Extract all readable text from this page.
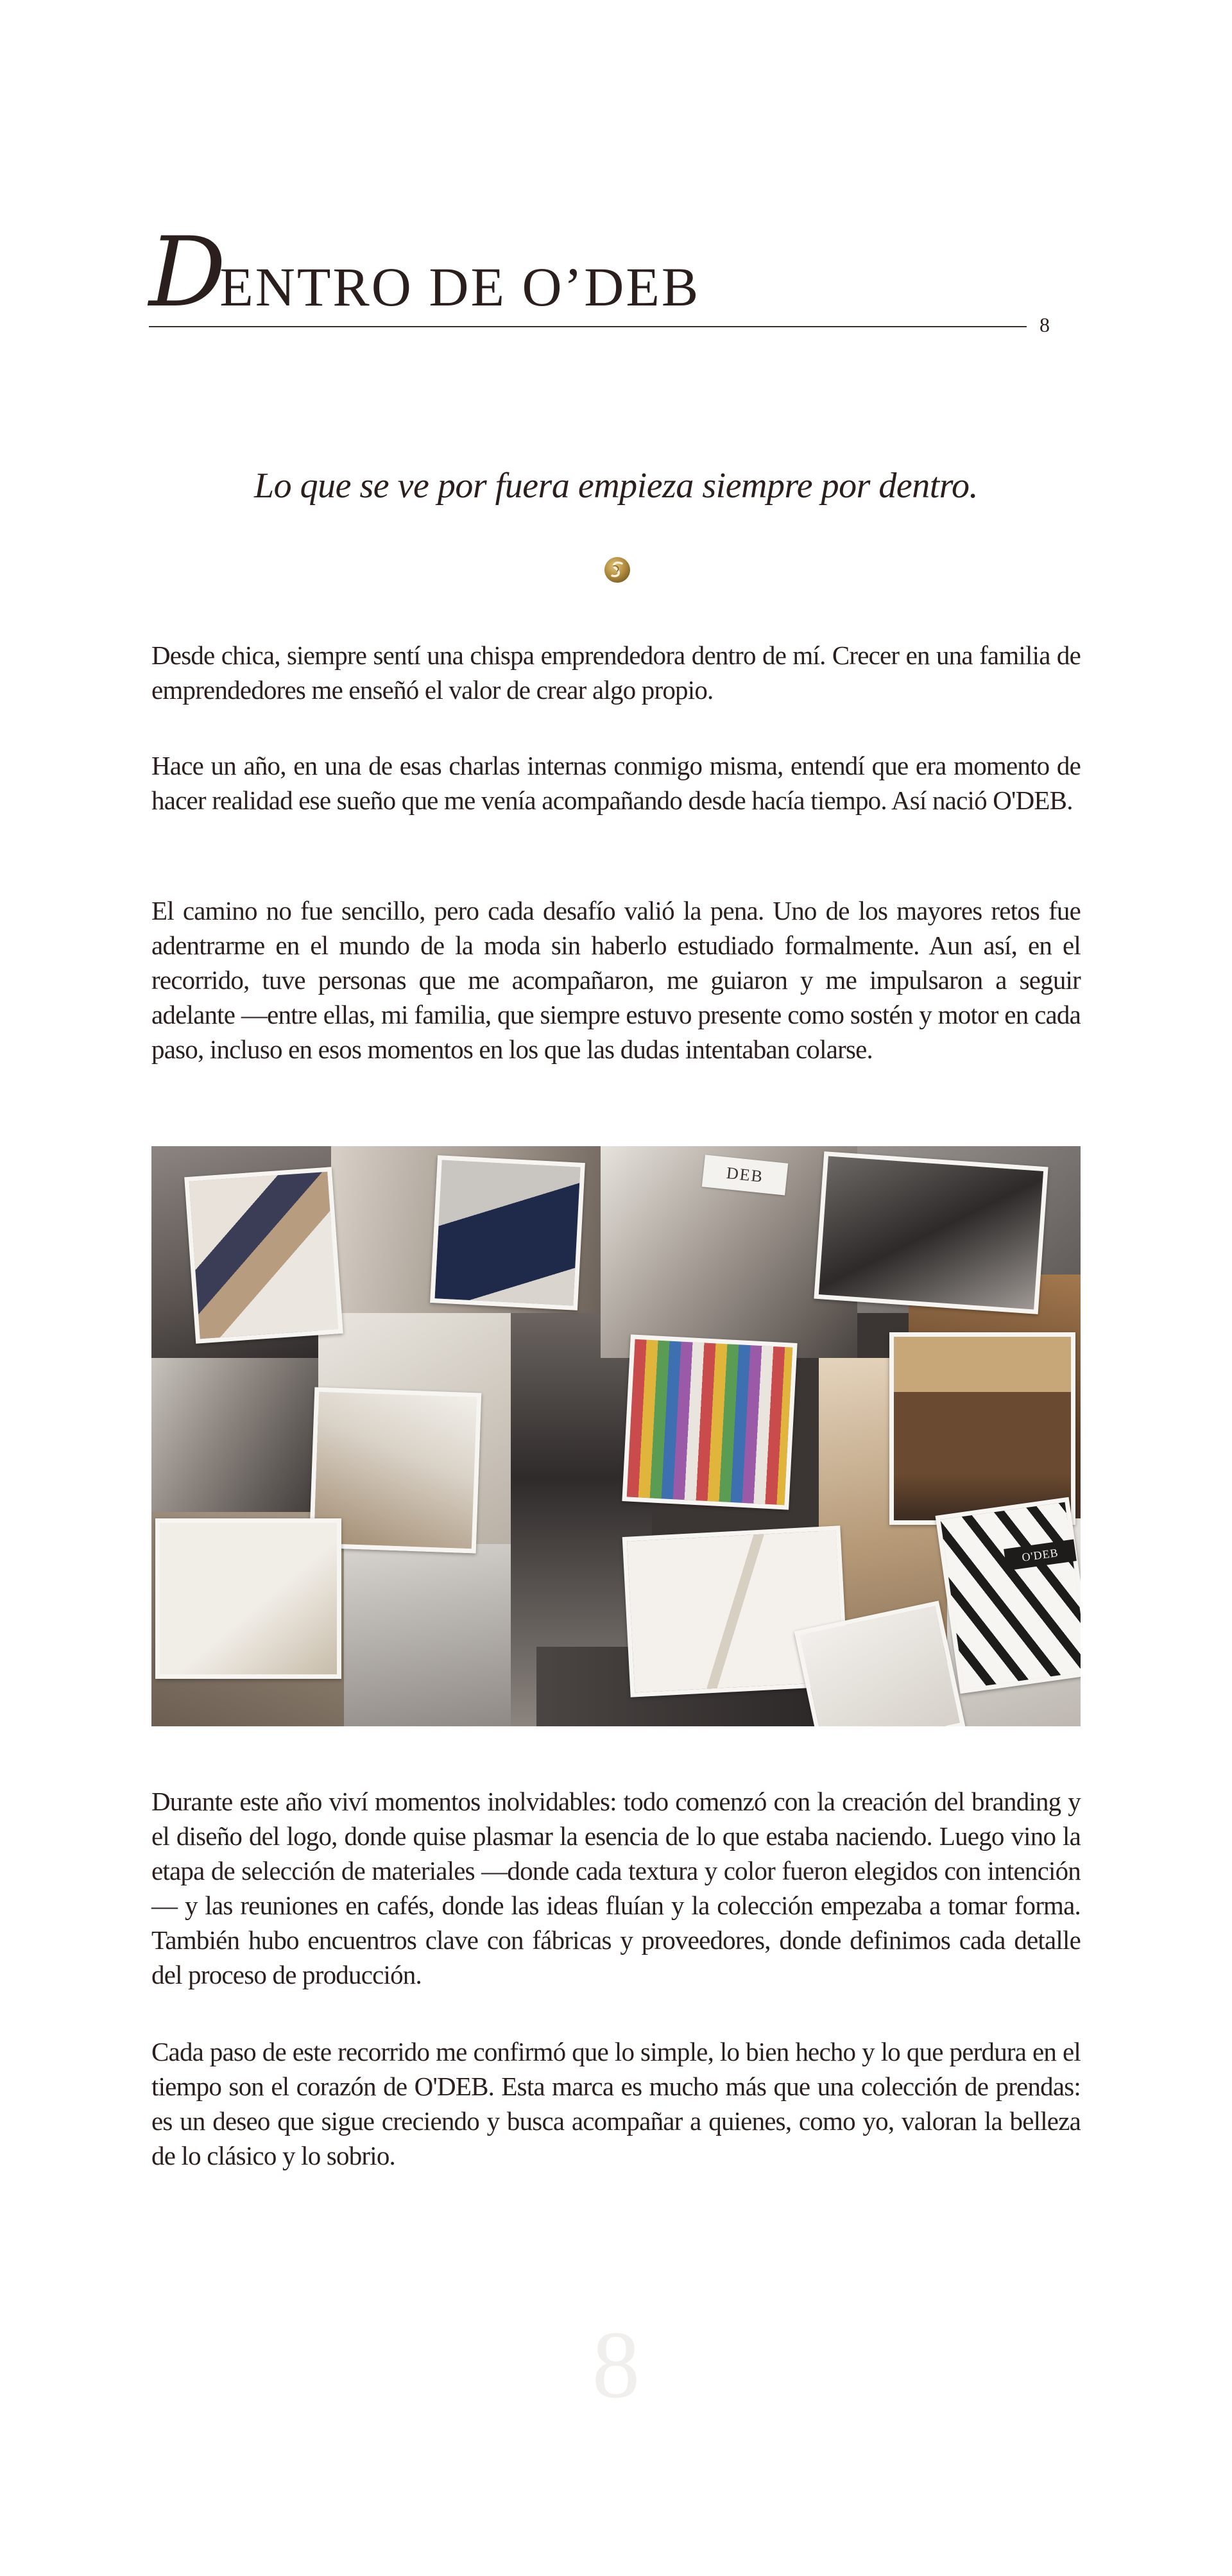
D
ENTRO DE O’DEB
8
Lo que se ve por fuera empieza siempre por dentro.

Desde chica, siempre sentí una chispa emprendedora dentro de mí. Crecer en una familia de emprendedores me enseñó el valor de crear algo propio.

Hace un año, en una de esas charlas internas conmigo misma, entendí que era momento de hacer realidad ese sueño que me venía acompañando desde hacía tiempo. Así nació O'DEB.

El camino no fue sencillo, pero cada desafío valió la pena. Uno de los mayores retos fue adentrarme en el mundo de la moda sin haberlo estudiado formalmente. Aun así, en el recorrido, tuve personas que me acompañaron, me guiaron y me impulsaron a seguir adelante —entre ellas, mi familia, que siempre estuvo presente como sostén y motor en cada paso, incluso en esos momentos en los que las dudas intentaban colarse.

DEB
O'DEB

Durante este año viví momentos inolvidables: todo comenzó con la creación del branding y el diseño del logo, donde quise plasmar la esencia de lo que estaba naciendo. Luego vino la etapa de selección de materiales —donde cada textura y color fueron elegidos con intención— y las reuniones en cafés, donde las ideas fluían y la colección empezaba a tomar forma. También hubo encuentros clave con fábricas y proveedores, donde definimos cada detalle del proceso de producción.

Cada paso de este recorrido me confirmó que lo simple, lo bien hecho y lo que perdura en el tiempo son el corazón de O'DEB. Esta marca es mucho más que una colección de prendas: es un deseo que sigue creciendo y busca acompañar a quienes, como yo, valoran la belleza de lo clásico y lo sobrio.

8
